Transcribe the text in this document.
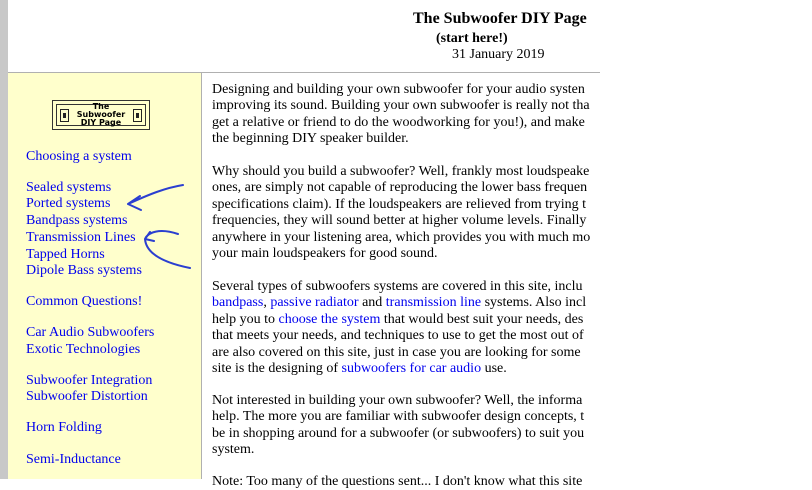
The Subwoofer DIY Page
(start here!)
31 January 2019
The Subwoofer
DIY Page
Choosing a system
Sealed systems
Ported systems
Bandpass systems
Transmission Lines
Tapped Horns
Dipole Bass systems
Common Questions!
Car Audio Subwoofers
Exotic Technologies
Subwoofer Integration
Subwoofer Distortion
Horn Folding
Semi-Inductance
Designing and building your own subwoofer for your audio systen
improving its sound. Building your own subwoofer is really not tha
get a relative or friend to do the woodworking for you!), and make
the beginning DIY speaker builder.
Why should you build a subwoofer? Well, frankly most loudspeake
ones, are simply not capable of reproducing the lower bass frequen
specifications claim). If the loudspeakers are relieved from trying t
frequencies, they will sound better at higher volume levels. Finally
anywhere in your listening area, which provides you with much mo
your main loudspeakers for good sound.
Several types of subwoofers systems are covered in this site, inclu
bandpass, passive radiator and transmission line systems. Also incl
help you to choose the system that would best suit your needs, des
that meets your needs, and techniques to use to get the most out of
are also covered on this site, just in case you are looking for some
site is the designing of subwoofers for car audio use.
Not interested in building your own subwoofer? Well, the informa
help. The more you are familiar with subwoofer design concepts, t
be in shopping around for a subwoofer (or subwoofers) to suit you
system.
Note: Too many of the questions sent... I don't know what this site
